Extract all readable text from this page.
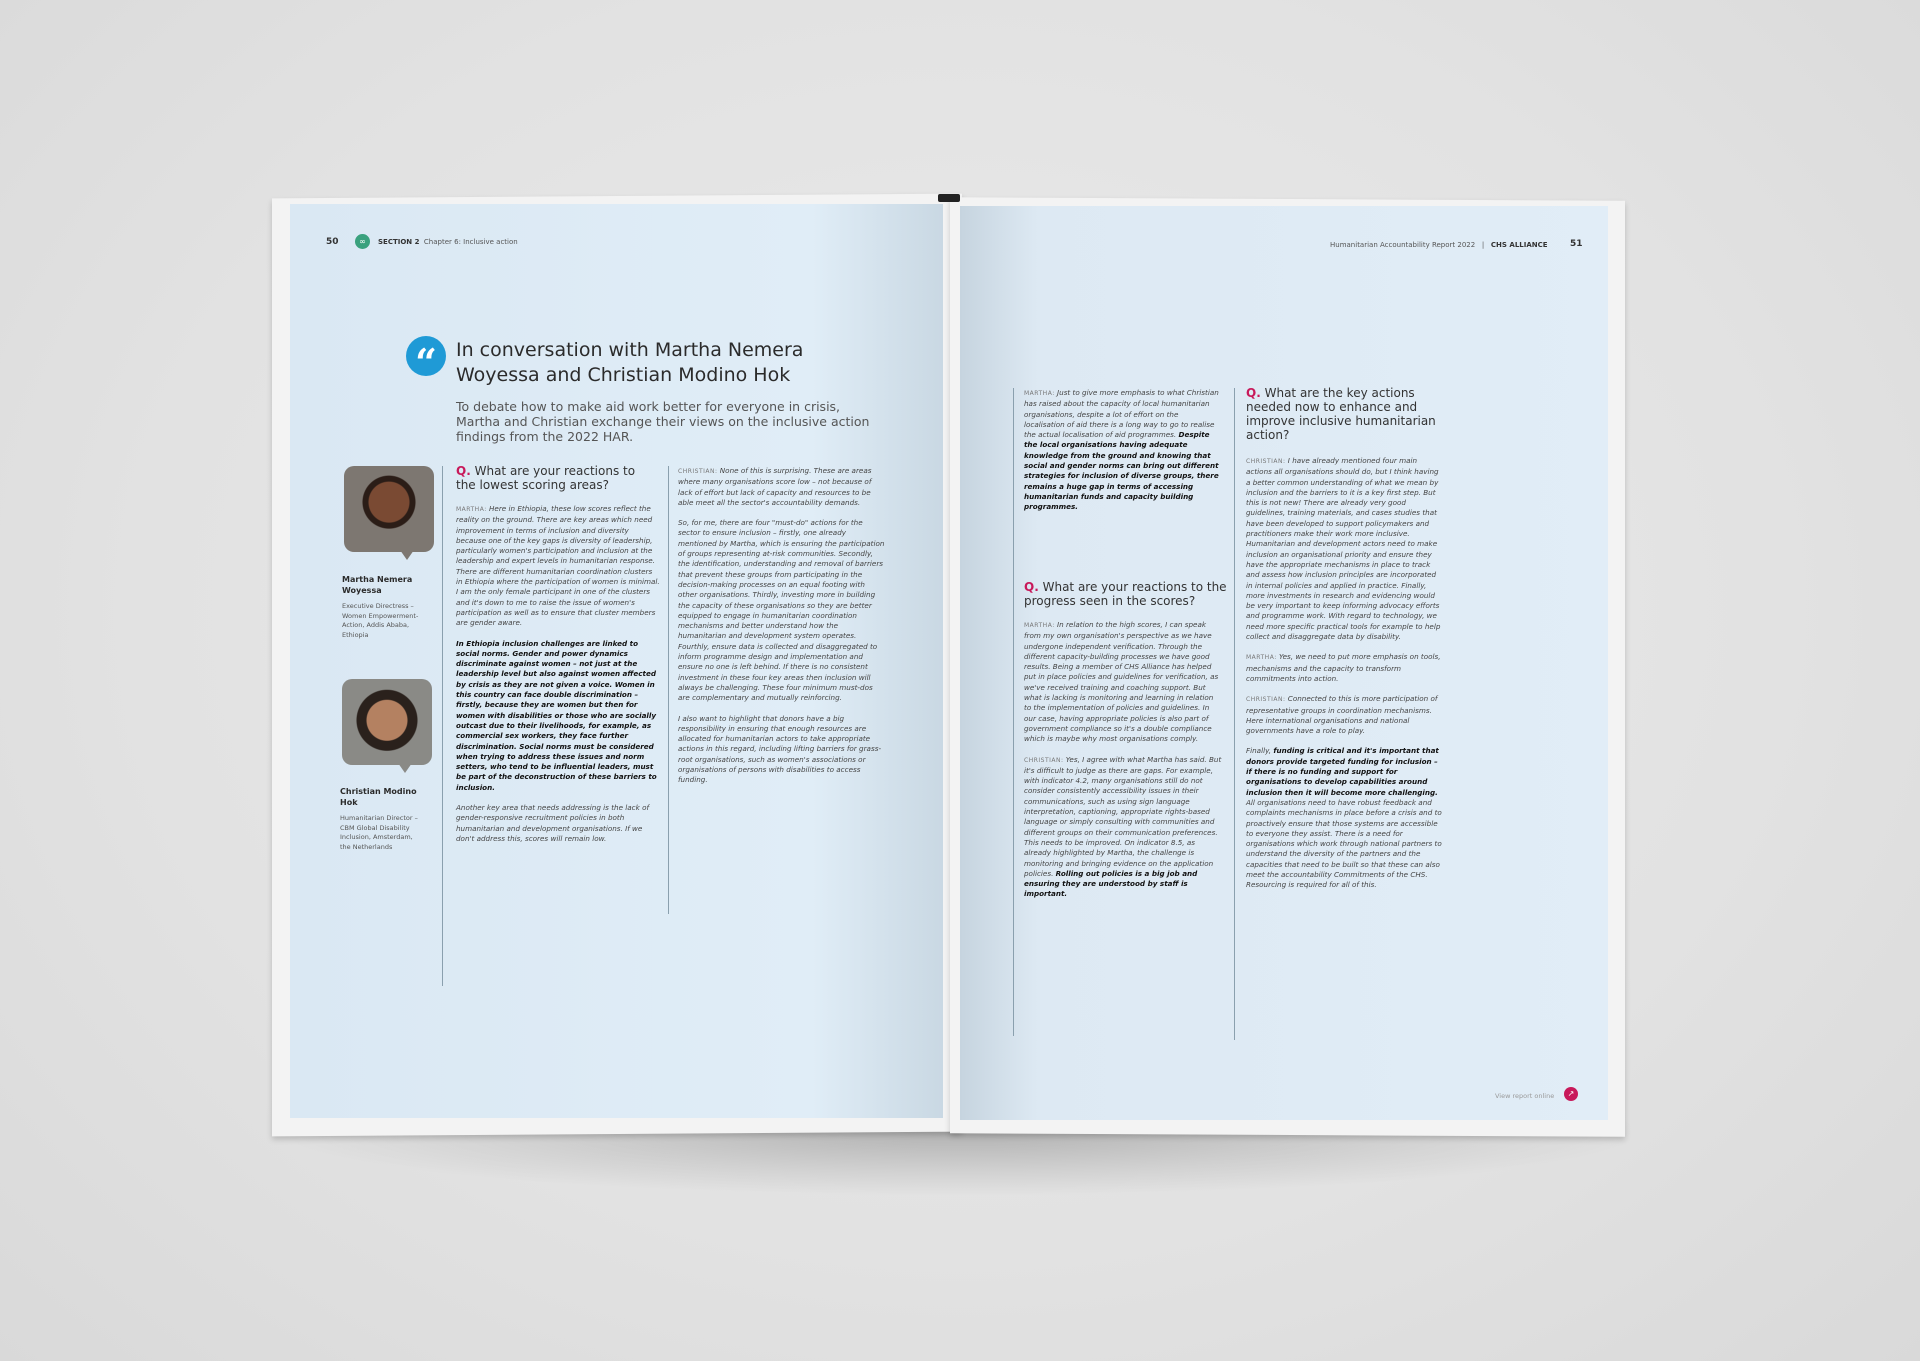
50	∞	SECTION 2 Chapter 6: Inclusive action
“	In conversation with Martha Nemera Woyessa and Christian Modino Hok
To debate how to make aid work better for everyone in crisis, Martha and Christian exchange their views on the inclusive action findings from the 2022 HAR.
Martha Nemera Woyessa
Executive Directress – Women Empowerment-Action, Addis Ababa, Ethiopia
Christian Modino Hok
Humanitarian Director – CBM Global Disability Inclusion, Amsterdam, the Netherlands
Q. What are your reactions to the lowest scoring areas?

MARTHA: Here in Ethiopia, these low scores reflect the reality on the ground. There are key areas which need improvement in terms of inclusion and diversity because one of the key gaps is diversity of leadership, particularly women's participation and inclusion at the leadership and expert levels in humanitarian response. There are different humanitarian coordination clusters in Ethiopia where the participation of women is minimal. I am the only female participant in one of the clusters and it's down to me to raise the issue of women's participation as well as to ensure that cluster members are gender aware.

In Ethiopia inclusion challenges are linked to social norms. Gender and power dynamics discriminate against women – not just at the leadership level but also against women affected by crisis as they are not given a voice. Women in this country can face double discrimination – firstly, because they are women but then for women with disabilities or those who are socially outcast due to their livelihoods, for example, as commercial sex workers, they face further discrimination. Social norms must be considered when trying to address these issues and norm setters, who tend to be influential leaders, must be part of the deconstruction of these barriers to inclusion.

Another key area that needs addressing is the lack of gender-responsive recruitment policies in both humanitarian and development organisations. If we don't address this, scores will remain low.

CHRISTIAN: None of this is surprising. These are areas where many organisations score low – not because of lack of effort but lack of capacity and resources to be able meet all the sector's accountability demands.

So, for me, there are four "must-do" actions for the sector to ensure inclusion – firstly, one already mentioned by Martha, which is ensuring the participation of groups representing at-risk communities. Secondly, the identification, understanding and removal of barriers that prevent these groups from participating in the decision-making processes on an equal footing with other organisations. Thirdly, investing more in building the capacity of these organisations so they are better equipped to engage in humanitarian coordination mechanisms and better understand how the humanitarian and development system operates. Fourthly, ensure data is collected and disaggregated to inform programme design and implementation and ensure no one is left behind. If there is no consistent investment in these four key areas then inclusion will always be challenging. These four minimum must-dos are complementary and mutually reinforcing.

I also want to highlight that donors have a big responsibility in ensuring that enough resources are allocated for humanitarian actors to take appropriate actions in this regard, including lifting barriers for grass-root organisations, such as women's associations or organisations of persons with disabilities to access funding.

Humanitarian Accountability Report 2022 | CHS ALLIANCE 51

MARTHA: Just to give more emphasis to what Christian has raised about the capacity of local humanitarian organisations, despite a lot of effort on the localisation of aid there is a long way to go to realise the actual localisation of aid programmes. Despite the local organisations having adequate knowledge from the ground and knowing that social and gender norms can bring out different strategies for inclusion of diverse groups, there remains a huge gap in terms of accessing humanitarian funds and capacity building programmes.

Q. What are your reactions to the progress seen in the scores?

MARTHA: In relation to the high scores, I can speak from my own organisation's perspective as we have undergone independent verification. Through the different capacity-building processes we have good results. Being a member of CHS Alliance has helped put in place policies and guidelines for verification, as we've received training and coaching support. But what is lacking is monitoring and learning in relation to the implementation of policies and guidelines. In our case, having appropriate policies is also part of government compliance so it's a double compliance which is maybe why most organisations comply.

CHRISTIAN: Yes, I agree with what Martha has said. But it's difficult to judge as there are gaps. For example, with indicator 4.2, many organisations still do not consider consistently accessibility issues in their communications, such as using sign language interpretation, captioning, appropriate rights-based language or simply consulting with communities and different groups on their communication preferences. This needs to be improved. On indicator 8.5, as already highlighted by Martha, the challenge is monitoring and bringing evidence on the application policies. Rolling out policies is a big job and ensuring they are understood by staff is important.

Q. What are the key actions needed now to enhance and improve inclusive humanitarian action?

CHRISTIAN: I have already mentioned four main actions all organisations should do, but I think having a better common understanding of what we mean by inclusion and the barriers to it is a key first step. But this is not new! There are already very good guidelines, training materials, and cases studies that have been developed to support policymakers and practitioners make their work more inclusive. Humanitarian and development actors need to make inclusion an organisational priority and ensure they have the appropriate mechanisms in place to track and assess how inclusion principles are incorporated in internal policies and applied in practice. Finally, more investments in research and evidencing would be very important to keep informing advocacy efforts and programme work. With regard to technology, we need more specific practical tools for example to help collect and disaggregate data by disability.

MARTHA: Yes, we need to put more emphasis on tools, mechanisms and the capacity to transform commitments into action.

CHRISTIAN: Connected to this is more participation of representative groups in coordination mechanisms. Here international organisations and national governments have a role to play.

Finally, funding is critical and it's important that donors provide targeted funding for inclusion – if there is no funding and support for organisations to develop capabilities around inclusion then it will become more challenging. All organisations need to have robust feedback and complaints mechanisms in place before a crisis and to proactively ensure that those systems are accessible to everyone they assist. There is a need for organisations which work through national partners to understand the diversity of the partners and the capacities that need to be built so that these can also meet the accountability Commitments of the CHS. Resourcing is required for all of this.

View report online	↗
